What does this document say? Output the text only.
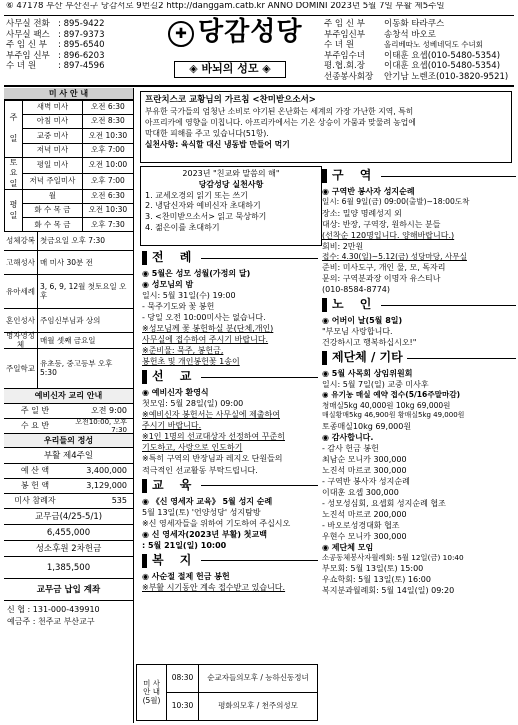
⑥ 47178 부산 부산진구 당감서로 9번길2 http://danggam.catb.kr ANNO DOMINI 2023년 5월 7일 부활 제5주일
사무실 전화 : 895-9422
사무실 팩스 : 897-9373
주 임 신 부	: 895-6540
부주임 신부 : 896-6203
수 녀 원	: 897-4596
✚ 당감성당
◈ 바뇌의 성모 ◈
주 임 신 부	이동화 타라쿠스
부주임신부	송창석 바오로
수 녀 원	올리베따노 성베네딕도 수녀회
부주임수녀	이태훈 요셉(010-5480-5354)
평.협.회.장	이대훈 요셉(010-5480-5354)
선종봉사회장	안기남 노렌조(010-3820-9521)
미 사 안 내
주

일	새벽 미사	오전 6:30
	아침 미사	오전 8:30
	교중 미사	오전 10:30
	저녁 미사	오후 7:00
토
요
일	평일 미사	오전 10:00
	저녁 주일미사	오후 7:00
평
일	월	오전 6:30
	화 수 목 금	오전 10:30
	화 수 목 금	오후 7:30
성체강복 첫금요일 오후 7:30
고해성사 매 미사 30분 전
유아세례 3, 6, 9, 12월 첫토요일 오후
혼인성사 주임신부님과 상의
병자영성체	매월 셋째 금요일
주일학교 유초등, 중고등부 오후 5:30
예비신자 교리 안내
주 일 반	오전 9:00
수 요 반	오전10:00, 오후7:30
우리들의 정성
부활 제4주일
예 산 액	3,400,000
봉 헌 액	3,129,000
미사 참례자	535
교무금(4/25-5/1)
6,455,000
성소후원 2차헌금
1,385,500
교무금 납입 계좌
신 협 : 131-000-439910
예금주 : 천주교 부산교구
프란치스코 교황님의 가르침 <찬미받으소서>
부유한 국가들의 엄청난 소비로 야기된 온난화는 세계의 가장 가난한 지역, 특히
아프리카에 영향을 미칩니다. 아프리카에서는 기온 상승이 가뭄과 맞물려 농업에
막대한 피해를 주고 있습니다(51항).
실천사항: 육식할 대신 냉동밥 만들어 먹기
2023년 "친교와 말씀의 해"
당감성당 실천사항
1. 교세오경의 읽기 또는 쓰기
2. 냉담신자와 예비신자 초대하기
3. <찬미받으소서> 읽고 묵상하기
4. 젊은이를 초대하기
전 례
◉ 5월은 성모 성월(가정의 달)
◉ 성모님의 밤
일시: 5월 31일(수) 19:00
- 묵주기도와 꽃 봉헌
- 당일 오전 10:00미사는 없습니다.
※성모님께 꽃 봉헌하실 분(단체,개인)
사무실에 접수하여 주시기 바랍니다.
※준비물: 묵주, 봉헌금,
봉헌초 및 개인봉헌꽃 1송이
선 교
◉ 예비신자 환영식
첫모임: 5월 28일(일) 09:00
※예비신자 봉헌서는 사무실에 제출하여
주시기 바랍니다.
※1인 1명의 선교대상자 선정하여 꾸준히
기도하고, 사랑으로 인도하기
※특히 구역의 반장님과 레지오 단원들의
적극적인 선교활동 부탁드립니다.
교 육
◉ 《신 영세자 교육》 5월 성지 순례
5월 13일(토) '언양성당' 성지탐방
※신 영세자들을 위하여 기도하여 주십시오
◉ 신 영세자(2023년 부활) 첫교백
: 5월 21일(일) 10:00
복 지
◉ 사순절 절제 헌금 봉헌
※부활 시기동안 계속 접수받고 있습니다.
미 사
안 내
(5월)	08:30	순교자들의모후 / 능하신동정녀
	10:30	평화의모후 / 천주의성모
구 역
◉ 구역반 봉사자 성지순례
일시: 6월 9일(금) 09:00(출발)~18:00도착
장소: 밀양 명례성지 외
대상: 반장, 구역장, 원하시는 분들
(선착순 120명입니다. 양해바랍니다.)
회비: 2만원
접수: 4.30(일)~5.12(금) 성당마당, 사무실
준비: 미사도구, 개인 물, 모, 독자리
문의: 구역분과장 이명자 유스티나
(010-8584-8774)
노 인
◉ 어버이 날(5월 8일)
"부모님 사랑합니다.
건강하시고 행복하십시오!"
제단체 / 기타
◉ 5월 사목회 상임위원회
일시: 5월 7일(일) 교중 미사후
◉ 유기농 매실 예약 접수(5/16주말마감)
청매실5kg 40,000원 10kg 69,000원
매실황매5kg 46,900원 황매실5kg 49,000원
토종매실10kg 69,000원
◉ 감사합니다.
- 감사 헌금 봉헌
최남순 모니카 300,000
노진석 마르코 300,000
- 구역반 봉사자 성지순례
이대훈 요셉 300,000
- 성모성심회, 요셉회 성지순례 협조
노진석 마르코 200,000
- 바오로성경대화 협조
우현수 모니카 300,000
◉ 제단체 모임
소공동체봉사자월례회: 5월 12일(금) 10:40
부모회: 5월 13일(토) 15:00
우쇼학회: 5월 13일(토) 16:00
복지분과월례회: 5월 14일(일) 09:20
